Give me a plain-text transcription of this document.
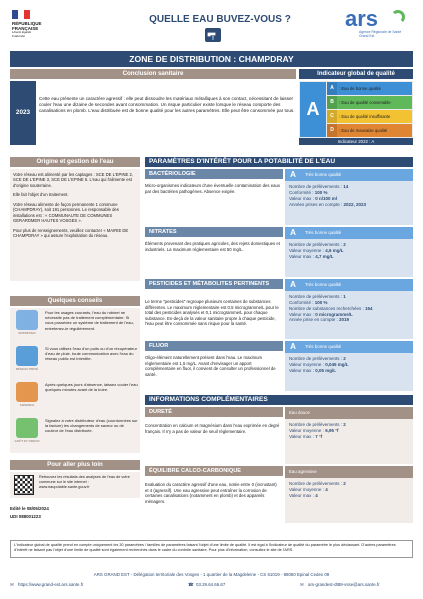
RÉPUBLIQUE
FRANÇAISE
Liberté Égalité Fraternité
QUELLE EAU BUVEZ-VOUS ?	ars
Agence Régionale de Santé
Grand Est
ZONE DE DISTRIBUTION : CHAMPDRAY
Conclusion sanitaire
2023
Cette eau présente un caractère agressif : elle peut dissoudre les matériaux métalliques à son contact, nécessitant de laisser couler l'eau une dizaine de secondes avant consommation. Un risque particulier existe lorsque le réseau comporte des canalisations en plomb. L'eau distribuée est de bonne qualité pour les autres paramètres. Elle peut être consommée par tous.
Indicateur global de qualité
A
A	: Eau de bonne qualité
B	: Eau de qualité convenable
C	: Eau de qualité insuffisante
D	: Eau de mauvaise qualité
Indicateur 2022 : A
Origine et gestion de l'eau
Votre réseau est alimenté par les captages : SCE DE L'EPINE 2, SCE DE L'EPINE 3, SCE DE L'EPINE 5. L'eau qui l'alimente est d'origine souterraine.
Elle fait l'objet d'un traitement.
Votre réseau alimente de façon permanente 1 commune (CHAMPDRAY), soit 191 personnes. Le responsable des installations est : « COMMUNAUTE DE COMMUNES GERARDMER HAUTES VOSGES ».
Pour plus de renseignements, veuillez contacter « MAIRIE DE CHAMPDRAY » qui assure l'exploitation du réseau.
Quelques conseils
ENTRETIEN
Pour les usages courants, l'eau du robinet ne nécessite pas de traitement complémentaire. Si vous possédez un système de traitement de l'eau, entretenez-le régulièrement.
RÉSEAU PRIVÉ
Si vous utilisez l'eau d'un puits ou d'un récupérateur d'eau de pluie, toute communication avec l'eau du réseau public est interdite.
ABSENCE
Après quelques jours d'absence, laissez couler l'eau quelques minutes avant de la boire.
GOÛT ET ODEUR
Signalez à votre distributeur d'eau (coordonnées sur la facture) les changements de saveur ou de couleur de l'eau distribuée.
Pour aller plus loin
Retrouvez les résultats des analyses de l'eau de votre commune sur le site internet : www.eaupotable.sante.gouv.fr
Edité le 08/05/2024
UDI 088001223
PARAMÈTRES D'INTÉRÊT POUR LA POTABILITÉ DE L'EAU
BACTÉRIOLOGIE
Micro-organismes indicateurs d'une éventuelle contamination des eaux par des bactéries pathogènes. Absence exigée.
A	Très bonne qualité
Nombre de prélèvements : 14
Conformité : 100 %
Valeur max : 0 n/100 ml
Années prises en compte : 2022, 2023
NITRATES
Éléments provenant des pratiques agricoles, des rejets domestiques et industriels. La maximum réglementaire est 50 mg/L.
A	Très bonne qualité
Nombre de prélèvements : 2
Valeur moyenne : 4,6 mg/L
Valeur max : 4,7 mg/L
PESTICIDES ET MÉTABOLITES PERTINENTS
Le terme "pesticides" regroupe plusieurs centaines de substances différentes. Le maximum réglementaire est 0,5 microgramme/L pour le total des pesticides analysés et 0,1 microgramme/L pour chaque substance. En-deçà de la valeur sanitaire propre à chaque pesticide, l'eau peut être consommée sans risque pour la santé.
A	Très bonne qualité
Nombre de prélèvements : 1
Conformité : 100 %
Nombre de substances recherchées : 154
Valeur max : 0 microgramme/L
Année prise en compte : 2019
FLUOR
Oligo-élément naturellement présent dans l'eau. Le maximum réglementaire est 1,5 mg/L. Avant d'envisager un apport complémentaire en fluor, il convient de consulter un professionnel de santé.
A	Très bonne qualité
Nombre de prélèvements : 2
Valeur moyenne : 0,045 mg/L
Valeur max : 0,05 mg/L
INFORMATIONS COMPLÉMENTAIRES
DURETÉ
Concentration en calcium et magnésium dans l'eau exprimée en degré français. Il n'y a pas de valeur de seuil réglementaire.
Eau douce
Nombre de prélèvements : 2
Valeur moyenne : 6,95 °f
Valeur max : 7 °f
ÉQUILIBRE CALCO-CARBONIQUE
Evaluation du caractère agressif d'une eau, notée entre 0 (incrustant) et 4 (agressif). Une eau agressive peut entraîner la corrosion de certaines canalisations (notamment en plomb) et des appareils ménagers.
Eau agressive
Nombre de prélèvements : 2
Valeur moyenne : 4
Valeur max : 4
L'indicateur global de qualité prend en compte uniquement les 30 paramètres / familles de paramètres faisant l'objet d'une limite de qualité. Il est égal à l'indicateur de qualité du paramètre le plus déclassant. D'autres paramètres d'intérêt ne faisant pas l'objet d'une limite de qualité sont également recherchés dans le cadre du contrôle sanitaire. Pour plus d'information, consultez le site de l'ARS.
ARS GRAND EST - Délégation territoriale des Vosges - 1 quartier de la Magdeleine - CS 61019 - 88060 Epinal Cedex 09
✉ https://www.grand-est.ars.sante.fr	☎ 03.29.64.66.67	✉ ars-grandest-dt88-vsse@ars.sante.fr
